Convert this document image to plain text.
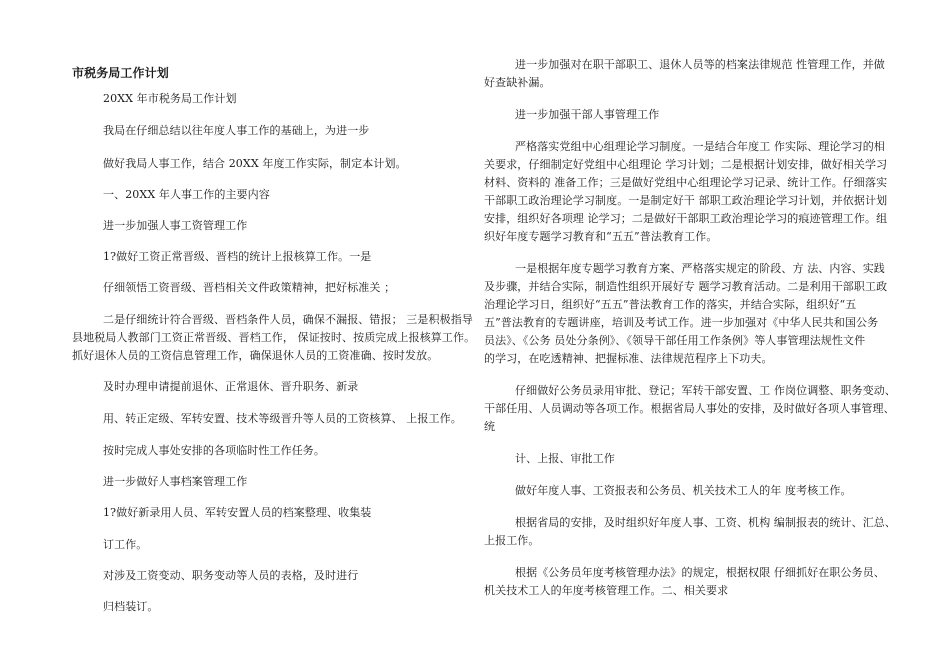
市税务局工作计划
20XX 年市税务局工作计划
我局在仔细总结以往年度人事工作的基础上，为进一步
做好我局人事工作，结合 20XX 年度工作实际，制定本计划。
一、20XX 年人事工作的主要内容
进一步加强人事工资管理工作
1?做好工资正常晋级、晋档的统计上报核算工作。一是
仔细领悟工资晋级、晋档相关文件政策精神，把好标准关 ；
二是仔细统计符合晋级、晋档条件人员，确保不漏报、错报； 三是积极指导
县地税局人教部门工资正常晋级、晋档工作， 保证按时、按质完成上报核算工作。
抓好退休人员的工资信息管理工作，确保退休人员的工资准确、按时发放。
及时办理申请提前退休、正常退休、晋升职务、新录
用、转正定级、军转安置、技术等级晋升等人员的工资核算、 上报工作。
按时完成人事处安排的各项临时性工作任务。
进一步做好人事档案管理工作
1?做好新录用人员、军转安置人员的档案整理、收集装
订工作。
对涉及工资变动、职务变动等人员的表格，及时进行
归档装订。
进一步加强对在职干部职工、退休人员等的档案法律规范 性管理工作，并做
好查缺补漏。
进一步加强干部人事管理工作
严格落实党组中心组理论学习制度。一是结合年度工 作实际、理论学习的相
关要求，仔细制定好党组中心组理论 学习计划；二是根据计划安排，做好相关学习
材料、资料的 准备工作；三是做好党组中心组理论学习记录、统计工作。仔细落实
干部职工政治理论学习制度。一是制定好干 部职工政治理论学习计划，并依据计划
安排，组织好各项理 论学习；二是做好干部职工政治理论学习的痕迹管理工作。组
织好年度专题学习教育和“五五”普法教育工作。
一是根据年度专题学习教育方案、严格落实规定的阶段、方 法、内容、实践
及步骤，并结合实际，制造性组织开展好专 题学习教育活动。二是利用干部职工政
治理论学习日，组织好“五五”普法教育工作的落实，并结合实际，组织好“五
五”普法教育的专题讲座，培训及考试工作。进一步加强对《中华人民共和国公务
员法》、《公务 员处分条例》、《领导干部任用工作条例》等人事管理法规性文件
的学习，在吃透精神、把握标准、法律规范程序上下功夫。
仔细做好公务员录用审批、登记；军转干部安置、工 作岗位调整、职务变动、
干部任用、人员调动等各项工作。根据省局人事处的安排，及时做好各项人事管理、
统
计、上报、审批工作
做好年度人事、工资报表和公务员、机关技术工人的年 度考核工作。
根据省局的安排，及时组织好年度人事、工资、机构 编制报表的统计、汇总、
上报工作。
根据《公务员年度考核管理办法》的规定，根据权限 仔细抓好在职公务员、
机关技术工人的年度考核管理工作。二、相关要求
